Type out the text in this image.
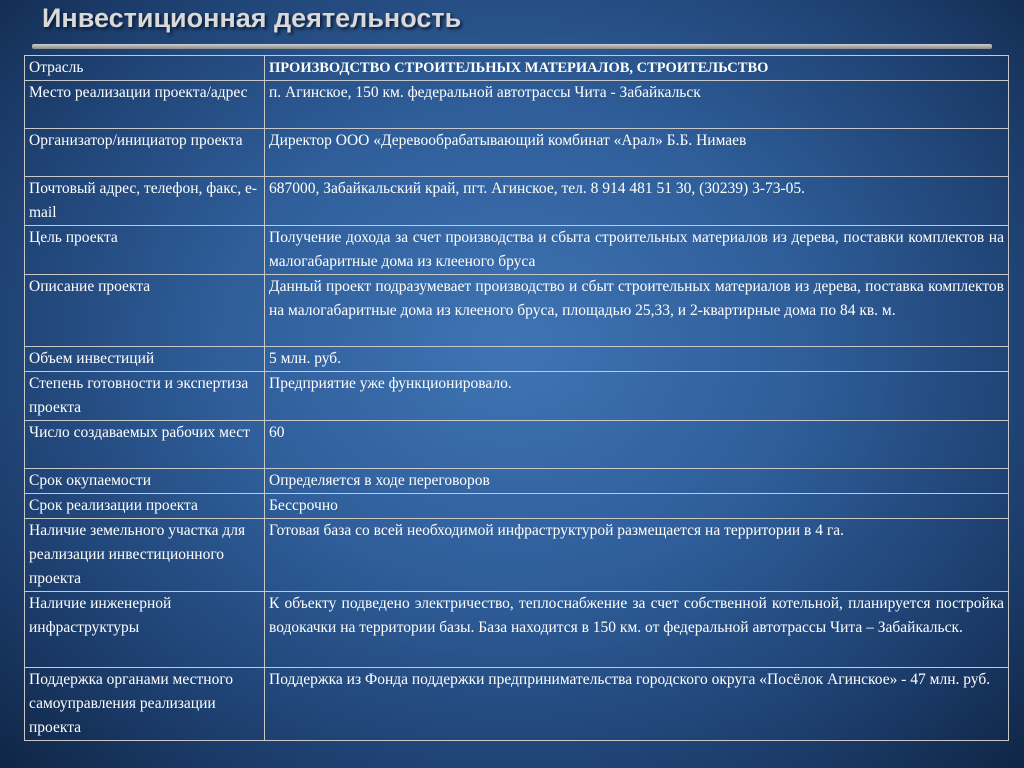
Инвестиционная деятельность
Отрасль	ПРОИЗВОДСТВО СТРОИТЕЛЬНЫХ МАТЕРИАЛОВ, СТРОИТЕЛЬСТВО
Место реализации проекта/адрес	п. Агинское, 150 км. федеральной автотрассы Чита - Забайкальск
Организатор/инициатор проекта	Директор ООО «Деревообрабатывающий комбинат «Арал» Б.Б. Нимаев
Почтовый адрес, телефон, факс, e-mail	687000, Забайкальский край, пгт. Агинское, тел. 8 914 481 51 30, (30239) 3-73-05.
Цель проекта	Получение дохода за счет производства и сбыта строительных материалов из дерева, поставки комплектов на малогабаритные дома из клееного бруса
Описание проекта	Данный проект подразумевает производство и сбыт строительных материалов из дерева, поставка комплектов на малогабаритные дома из клееного бруса, площадью 25,33, и 2-квартирные дома по 84 кв. м.
Объем инвестиций	5 млн. руб.
Степень готовности и экспертиза проекта	Предприятие уже функционировало.
Число создаваемых рабочих мест	60
Срок окупаемости	Определяется в ходе переговоров
Срок реализации проекта	Бессрочно
Наличие земельного участка для реализации инвестиционного проекта	Готовая база со всей необходимой инфраструктурой размещается на территории в 4 га.
Наличие инженерной инфраструктуры	К объекту подведено электричество, теплоснабжение за счет собственной котельной, планируется постройка водокачки на территории базы. База находится в 150 км. от федеральной автотрассы Чита – Забайкальск.
Поддержка органами местного самоуправления реализации проекта	Поддержка из Фонда поддержки предпринимательства городского округа «Посёлок Агинское» - 47 млн. руб.
